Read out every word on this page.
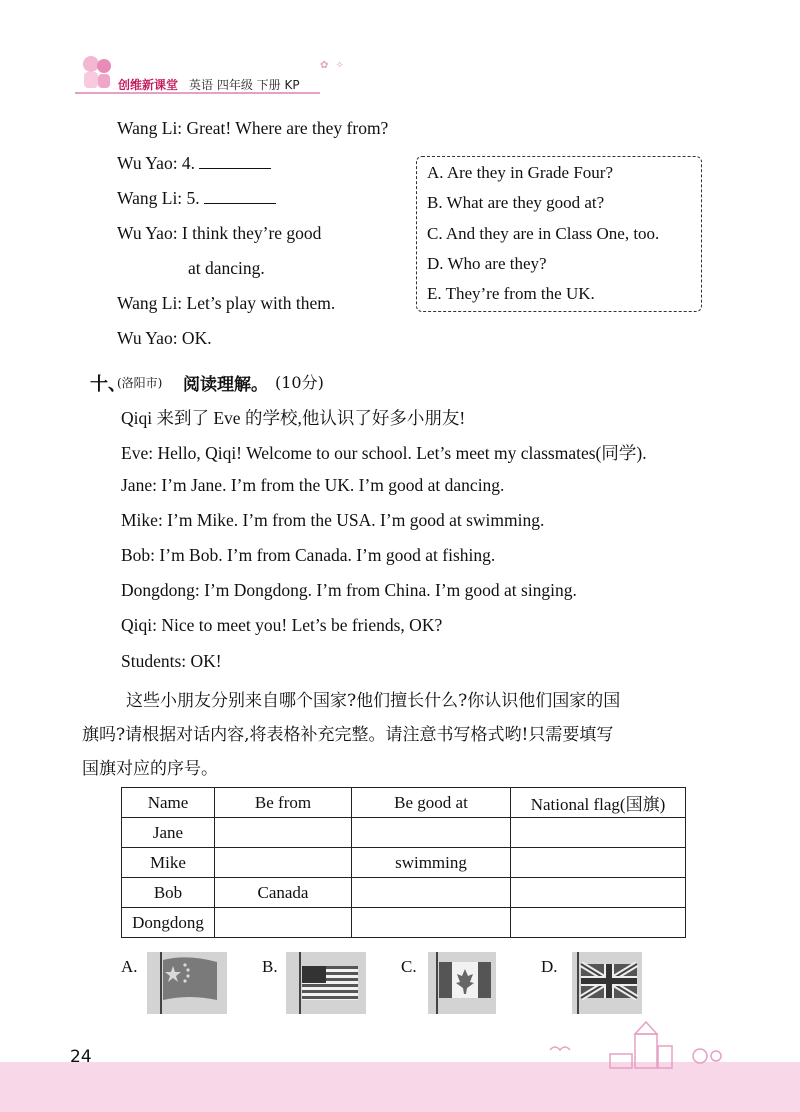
创维新课堂 英语 四年级 下册 KP
✿ ✧
Wang Li: Great! Where are they from?
Wu Yao: 4.
Wang Li: 5.
Wu Yao: I think they’re good
at dancing.
Wang Li: Let’s play with them.
Wu Yao: OK.
A. Are they in Grade Four?
B. What are they good at?
C. And they are in Class One, too.
D. Who are they?
E. They’re from the UK.
十、
(洛阳市) 阅读理解。 (10分)
Qiqi 来到了 Eve 的学校,他认识了好多小朋友!
Eve: Hello, Qiqi! Welcome to our school. Let’s meet my classmates(同学).
Jane: I’m Jane. I’m from the UK. I’m good at dancing.
Mike: I’m Mike. I’m from the USA. I’m good at swimming.
Bob: I’m Bob. I’m from Canada. I’m good at fishing.
Dongdong: I’m Dongdong. I’m from China. I’m good at singing.
Qiqi: Nice to meet you! Let’s be friends, OK?
Students: OK!
这些小朋友分别来自哪个国家?他们擅长什么?你认识他们国家的国
旗吗?请根据对话内容,将表格补充完整。请注意书写格式哟!只需要填写
国旗对应的序号。
Name	Be from	Be good at	National flag(国旗)
Jane			
Mike		swimming	
Bob	Canada		
Dongdong			
A.	B.	C.	D.
24
